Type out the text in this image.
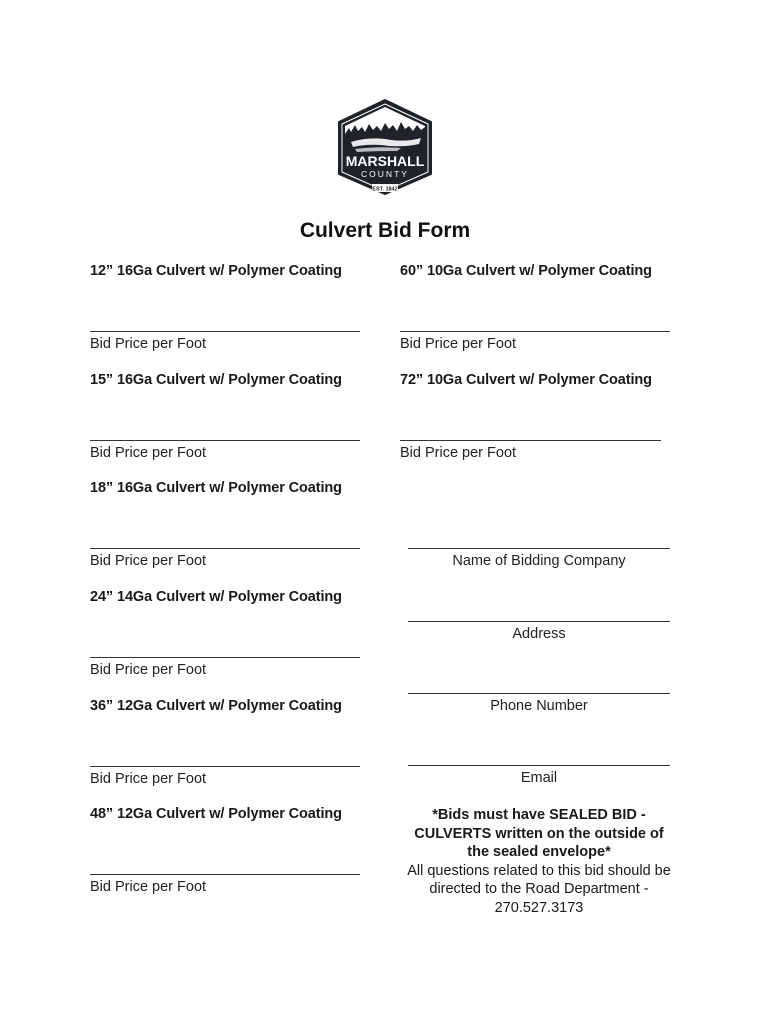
MARSHALL
COUNTY
EST. 1842
Culvert Bid Form
12” 16Ga Culvert w/ Polymer Coating
Bid Price per Foot
15” 16Ga Culvert w/ Polymer Coating
Bid Price per Foot
18” 16Ga Culvert w/ Polymer Coating
Bid Price per Foot
24” 14Ga Culvert w/ Polymer Coating
Bid Price per Foot
36” 12Ga Culvert w/ Polymer Coating
Bid Price per Foot
48” 12Ga Culvert w/ Polymer Coating
Bid Price per Foot
60” 10Ga Culvert w/ Polymer Coating
Bid Price per Foot
72” 10Ga Culvert w/ Polymer Coating
Bid Price per Foot
Name of Bidding Company
Address
Phone Number
Email
*Bids must have SEALED BID -
CULVERTS written on the outside of
the sealed envelope*
All questions related to this bid should be
directed to the Road Department -
270.527.3173
